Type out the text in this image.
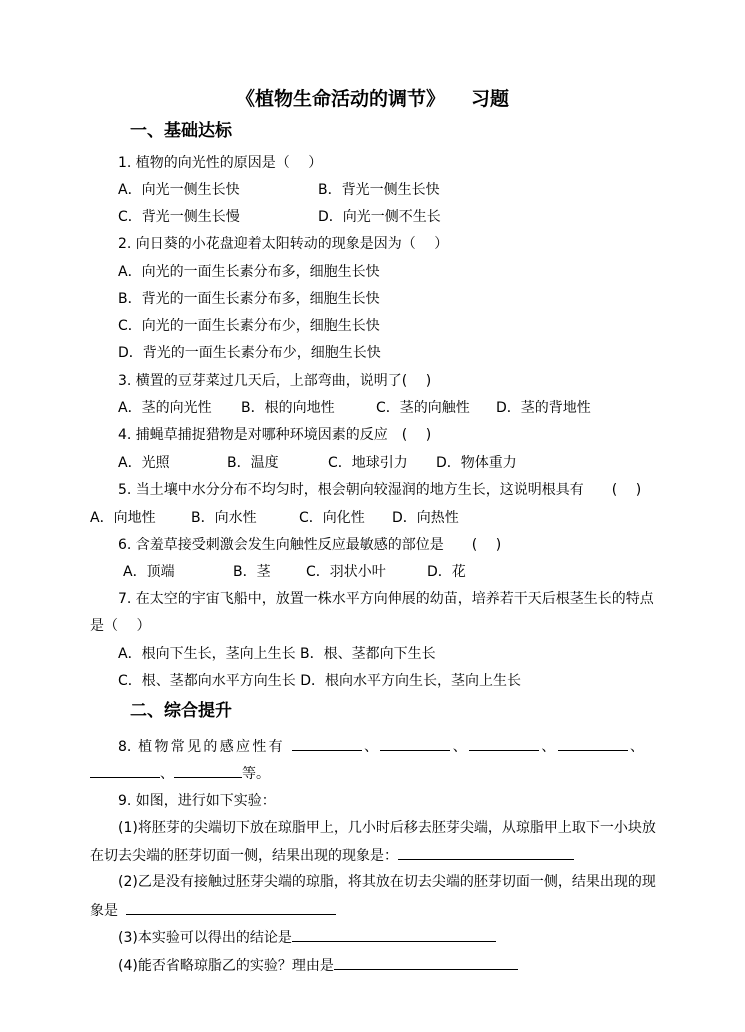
《植物生命活动的调节》 习题
一、基础达标
1. 植物的向光性的原因是（　 ）
A．向光一侧生长快	B．背光一侧生长快
C．背光一侧生长慢	D．向光一侧不生长
2. 向日葵的小花盘迎着太阳转动的现象是因为（　 ）
A．向光的一面生长素分布多，细胞生长快
B．背光的一面生长素分布多，细胞生长快
C．向光的一面生长素分布少，细胞生长快
D．背光的一面生长素分布少，细胞生长快
3. 横置的豆芽菜过几天后，上部弯曲，说明了(　 )
A．茎的向光性 B．根的向地性	C．茎的向触性 D．茎的背地性
4. 捕蝇草捕捉猎物是对哪种环境因素的反应　(　 )
A．光照	B．温度	C．地球引力 D．物体重力
5. 当土壤中水分分布不均匀时，根会朝向较湿润的地方生长，这说明根具有　　(　 )
A．向地性	B．向水性	C．向化性 D．向热性
6. 含羞草接受刺激会发生向触性反应最敏感的部位是　　(　 )
A．顶端	B．茎	C．羽状小叶	D．花
7. 在太空的宇宙飞船中，放置一株水平方向伸展的幼苗，培养若干天后根茎生长的特点
是（　 ）
A．根向下生长，茎向上生长 B．根、茎都向下生长
C．根、茎都向水平方向生长 D．根向水平方向生长，茎向上生长
二、综合提升
8. 植物常见的感应性有	、	、	、	、
、	等。
9. 如图，进行如下实验：
(1)将胚芽的尖端切下放在琼脂甲上，几小时后移去胚芽尖端，从琼脂甲上取下一小块放
在切去尖端的胚芽切面一侧，结果出现的现象是：
(2)乙是没有接触过胚芽尖端的琼脂，将其放在切去尖端的胚芽切面一侧，结果出现的现
象是
(3)本实验可以得出的结论是
(4)能否省略琼脂乙的实验？理由是
